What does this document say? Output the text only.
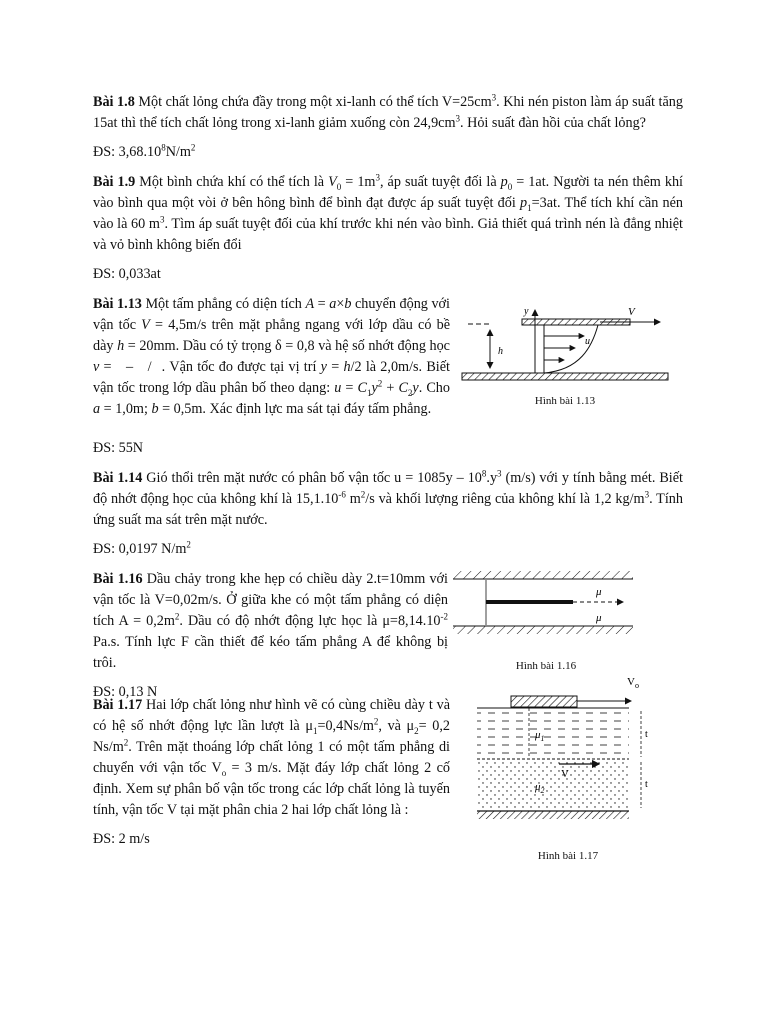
Bài 1.8 Một chất lỏng chứa đầy trong một xi-lanh có thể tích $V=25cm^3$. Khi nén piston làm áp suất tăng 15at thì thể tích chất lỏng trong xi-lanh giảm xuống còn $24,9cm^3$. Hỏi suất đàn hồi của chất lỏng?

ĐS: $3,68.10^8N/m^2$

Bài 1.9 Một bình chứa khí có thể tích là $V_0 = 1m^3$, áp suất tuyệt đối là $p_0 = 1at$. Người ta nén thêm khí vào bình qua một vòi ở bên hông bình để bình đạt được áp suất tuyệt đối $p_1=3at$. Thể tích khí cần nén vào là 60 $m^3$. Tìm áp suất tuyệt đối của khí trước khi nén vào bình. Giả thiết quá trình nén là đẳng nhiệt và vỏ bình không biến đổi

ĐS: 0,033at

Bài 1.13 Một tấm phẳng có diện tích A = a×b chuyển động với vận tốc V = 4,5m/s trên mặt phẳng ngang với lớp dầu có bề dày h = 20mm. Dầu có tỷ trọng δ = 0,8 và hệ số nhớt động học ν = – / . Vận tốc đo được tại vị trí y = h/2 là 2,0m/s. Biết vận tốc trong lớp dầu phân bố theo dạng: $u = C_1y^2 + C_2y$. Cho a = 1,0m; b = 0,5m. Xác định lực ma sát tại đáy tấm phẳng.

y	V
u
h
Hình bài 1.13

ĐS: 55N

Bài 1.14 Gió thổi trên mặt nước có phân bố vận tốc $u = 1085y - 10^8.y^3$ (m/s) với y tính bằng mét. Biết độ nhớt động học của không khí là $15,1.10^{-6}$ $m^2/s$ và khối lượng riêng của không khí là 1,2 $kg/m^3$. Tính ứng suất ma sát trên mặt nước.

ĐS: 0,0197 $N/m^2$

Bài 1.16 Dầu chảy trong khe hẹp có chiều dày 2.t=10mm với vận tốc là V=0,02m/s. Ở giữa khe có một tấm phẳng có diện tích $A = 0,2m^2$. Dầu có độ nhớt động lực học là $\mu=8,14.10^{-2}$ Pa.s. Tính lực F cần thiết để kéo tấm phẳng A để không bị trôi.

ĐS: 0,13 N

μ
μ
Hình bài 1.16

Bài 1.17 Hai lớp chất lỏng như hình vẽ có cùng chiều dày t và có hệ số nhớt động lực lần lượt là $\mu_1=0,4Ns/m^2$, và $\mu_2= 0,2$ $Ns/m^2$. Trên mặt thoáng lớp chất lỏng 1 có một tấm phẳng di chuyển với vận tốc $V_o = 3$ m/s. Mặt đáy lớp chất lỏng 2 cố định. Xem sự phân bố vận tốc trong các lớp chất lỏng là tuyến tính, vận tốc V tại mặt phân chia 2 hai lớp chất lỏng là :

ĐS: 2 m/s

$V_o$
t
t
$\mu_1$
V
$\mu_2$
Hình bài 1.17
